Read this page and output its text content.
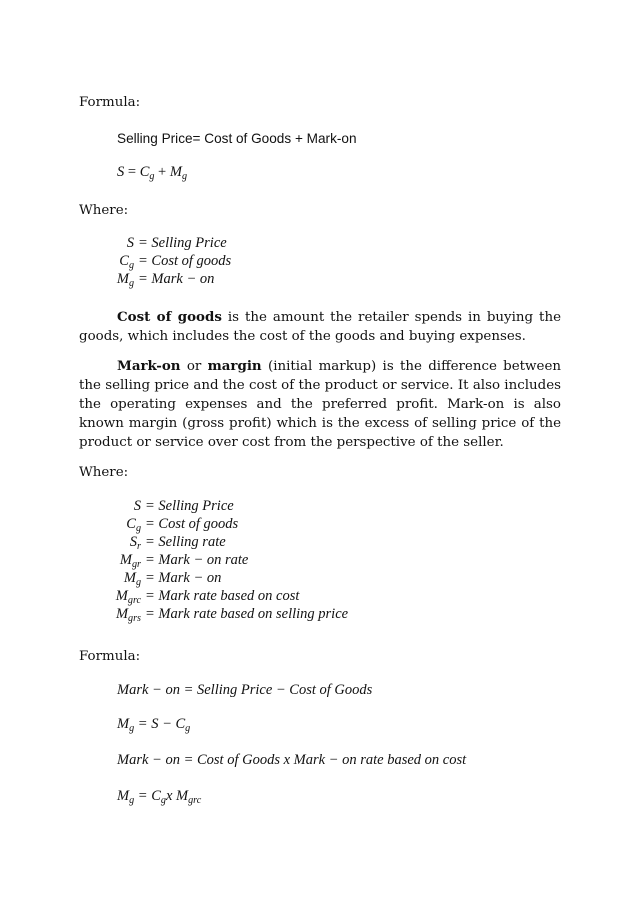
Formula:
Selling Price= Cost of Goods + Mark-on
$S = C_g + M_g$
Where:
S = Selling Price
$C_g$ = Cost of goods
$M_g$ = Mark − on
Cost of goods is the amount the retailer spends in buying the goods, which includes the cost of the goods and buying expenses.
Mark-on or margin (initial markup) is the difference between the selling price and the cost of the product or service. It also includes the operating expenses and the preferred profit. Mark-on is also known margin (gross profit) which is the excess of selling price of the product or service over cost from the perspective of the seller.
Where:
S = Selling Price
$C_g$ = Cost of goods
$S_r$ = Selling rate
$M_{gr}$ = Mark − on rate
$M_g$ = Mark − on
$M_{grc}$ = Mark rate based on cost
$M_{grs}$ = Mark rate based on selling price
Formula:
Mark − on = Selling Price − Cost of Goods
$M_g = S - C_g$
Mark − on = Cost of Goods x Mark − on rate based on cost
$M_g = C_gx$ $M_{grc}$
